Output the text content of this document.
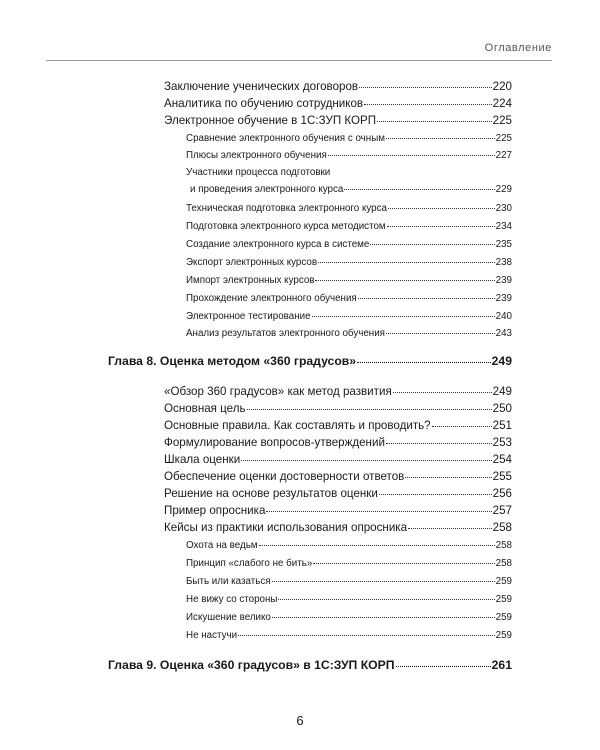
Оглавление
Заключение ученических договоров	220
Аналитика по обучению сотрудников	224
Электронное обучение в 1С:ЗУП КОРП	225
Сравнение электронного обучения с очным	225
Плюсы электронного обучения	227
Участники процесса подготовки
и проведения электронного курса	229
Техническая подготовка электронного курса	230
Подготовка электронного курса методистом	234
Создание электронного курса в системе	235
Экспорт электронных курсов	238
Импорт электронных курсов	239
Прохождение электронного обучения	239
Электронное тестирование	240
Анализ результатов электронного обучения	243
Глава 8. Оценка методом «360 градусов»	249
«Обзор 360 градусов» как метод развития	249
Основная цель	250
Основные правила. Как составлять и проводить?	251
Формулирование вопросов-утверждений	253
Шкала оценки	254
Обеспечение оценки достоверности ответов	255
Решение на основе результатов оценки	256
Пример опросника	257
Кейсы из практики использования опросника	258
Охота на ведьм	258
Принцип «слабого не бить»	258
Быть или казаться	259
Не вижу со стороны	259
Искушение велико	259
Не настучи	259
Глава 9. Оценка «360 градусов» в 1С:ЗУП КОРП	261
6
